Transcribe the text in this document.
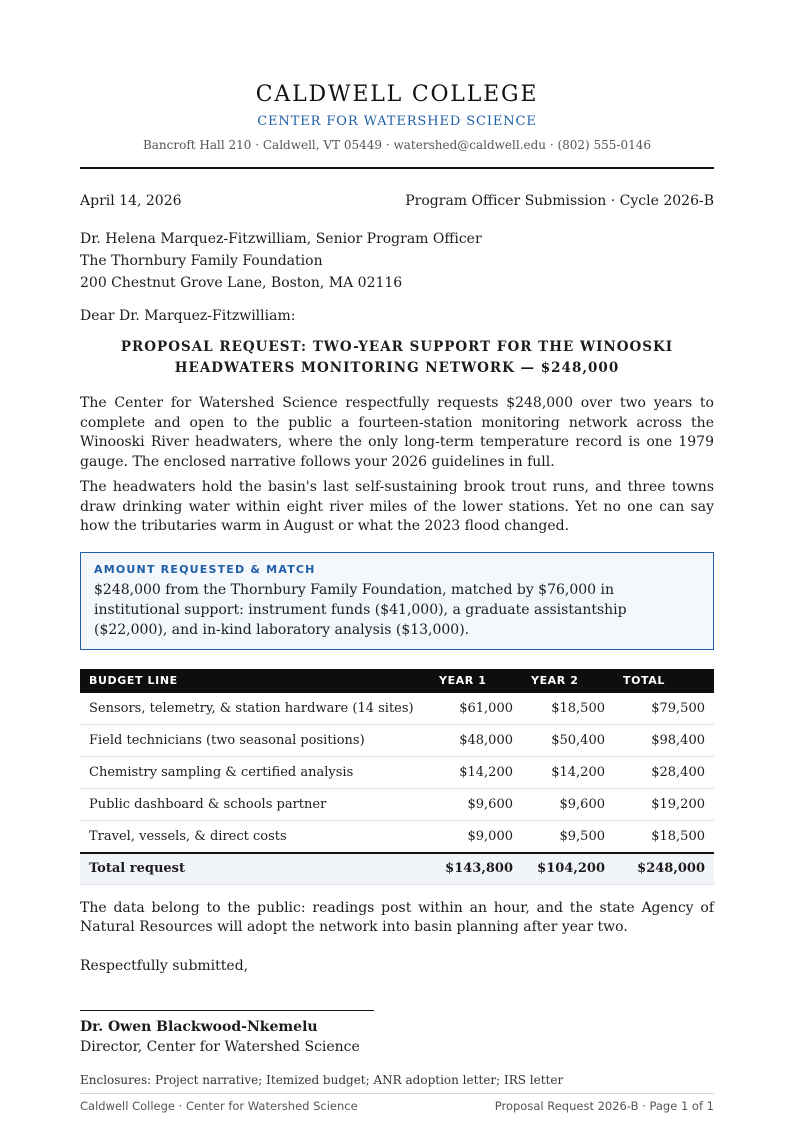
CALDWELL COLLEGE
CENTER FOR WATERSHED SCIENCE
Bancroft Hall 210 · Caldwell, VT 05449 · watershed@caldwell.edu · (802) 555-0146
April 14, 2026	Program Officer Submission · Cycle 2026-B
Dr. Helena Marquez-Fitzwilliam, Senior Program Officer
The Thornbury Family Foundation
200 Chestnut Grove Lane, Boston, MA 02116
Dear Dr. Marquez-Fitzwilliam:
PROPOSAL REQUEST: TWO-YEAR SUPPORT FOR THE WINOOSKI HEADWATERS MONITORING NETWORK — $248,000

The Center for Watershed Science respectfully requests $248,000 over two years to complete and open to the public a fourteen-station monitoring network across the Winooski River headwaters, where the only long-term temperature record is one 1979 gauge. The enclosed narrative follows your 2026 guidelines in full.

The headwaters hold the basin's last self-sustaining brook trout runs, and three towns draw drinking water within eight river miles of the lower stations. Yet no one can say how the tributaries warm in August or what the 2023 flood changed.

AMOUNT REQUESTED & MATCH
$248,000 from the Thornbury Family Foundation, matched by $76,000 in institutional support: instrument funds ($41,000), a graduate assistantship ($22,000), and in-kind laboratory analysis ($13,000).
BUDGET LINE	YEAR 1	YEAR 2	TOTAL
Sensors, telemetry, & station hardware (14 sites)	$61,000	$18,500	$79,500
Field technicians (two seasonal positions)	$48,000	$50,400	$98,400
Chemistry sampling & certified analysis	$14,200	$14,200	$28,400
Public dashboard & schools partner	$9,600	$9,600	$19,200
Travel, vessels, & direct costs	$9,000	$9,500	$18,500
Total request	$143,800	$104,200	$248,000

The data belong to the public: readings post within an hour, and the state Agency of Natural Resources will adopt the network into basin planning after year two.

Respectfully submitted,
Dr. Owen Blackwood-Nkemelu
Director, Center for Watershed Science
Enclosures: Project narrative; Itemized budget; ANR adoption letter; IRS letter
Caldwell College · Center for Watershed Science	Proposal Request 2026-B · Page 1 of 1
